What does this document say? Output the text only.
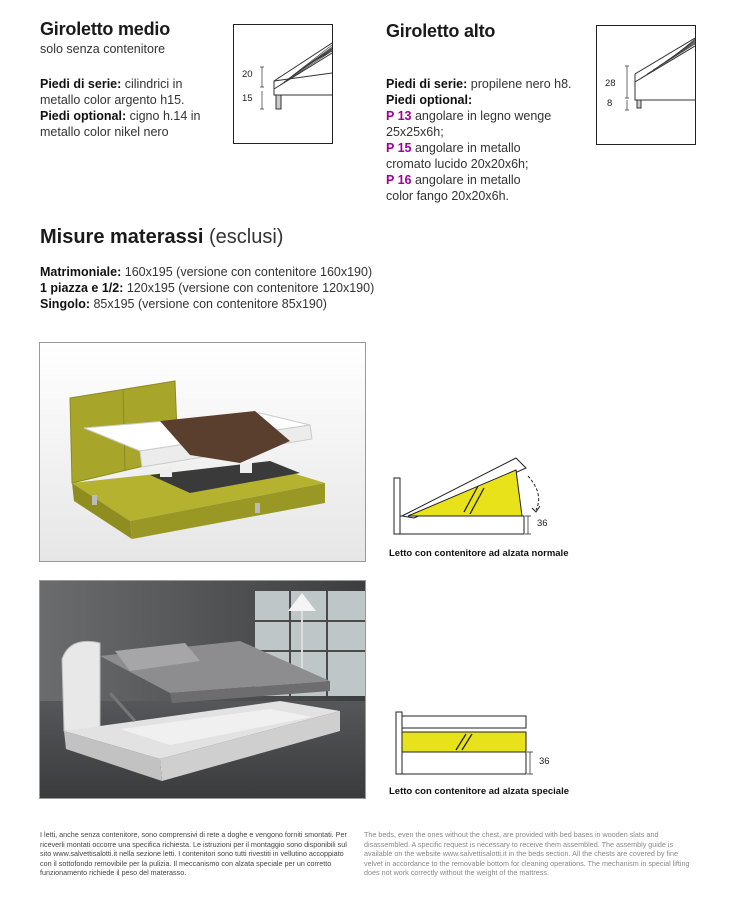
Giroletto medio
solo senza contenitore
Piedi di serie: cilindrici in
metallo color argento h15.
Piedi optional: cigno h.14 in
metallo color nikel nero
20
15
Giroletto alto
Piedi di serie: propilene nero h8.
Piedi optional:
P 13 angolare in legno wenge
25x25x6h;
P 15 angolare in metallo
cromato lucido 20x20x6h;
P 16 angolare in metallo
color fango 20x20x6h.
28
8
Misure materassi (esclusi)
Matrimoniale: 160x195 (versione con contenitore 160x190)
1 piazza e 1/2: 120x195 (versione con contenitore 120x190)
Singolo: 85x195 (versione con contenitore 85x190)
36
Letto con contenitore ad alzata normale
36
Letto con contenitore ad alzata speciale
I letti, anche senza contenitore, sono comprensivi di rete a doghe e vengono forniti smontati. Per riceverli montati occorre una specifica richiesta. Le istruzioni per il montaggio sono disponibili sul sito www.salvettisalotti.it nella sezione letti. I contenitori sono tutti rivestiti in vellutino accoppiato con il sottofondo removibile per la pulizia. Il meccanismo con alzata speciale per un corretto funzionamento richiede il peso del materasso.
The beds, even the ones without the chest, are provided with bed bases in wooden slats and disassembled. A specific request is necessary to receive them assembled. The assembly guide is available on the website www.salvettisalotti.it in the beds section. All the chests are covered by fine velvet in accordance to the removable bottom for cleaning operations. The mechanism in special lifting does not work correctly without the weight of the mattress.
